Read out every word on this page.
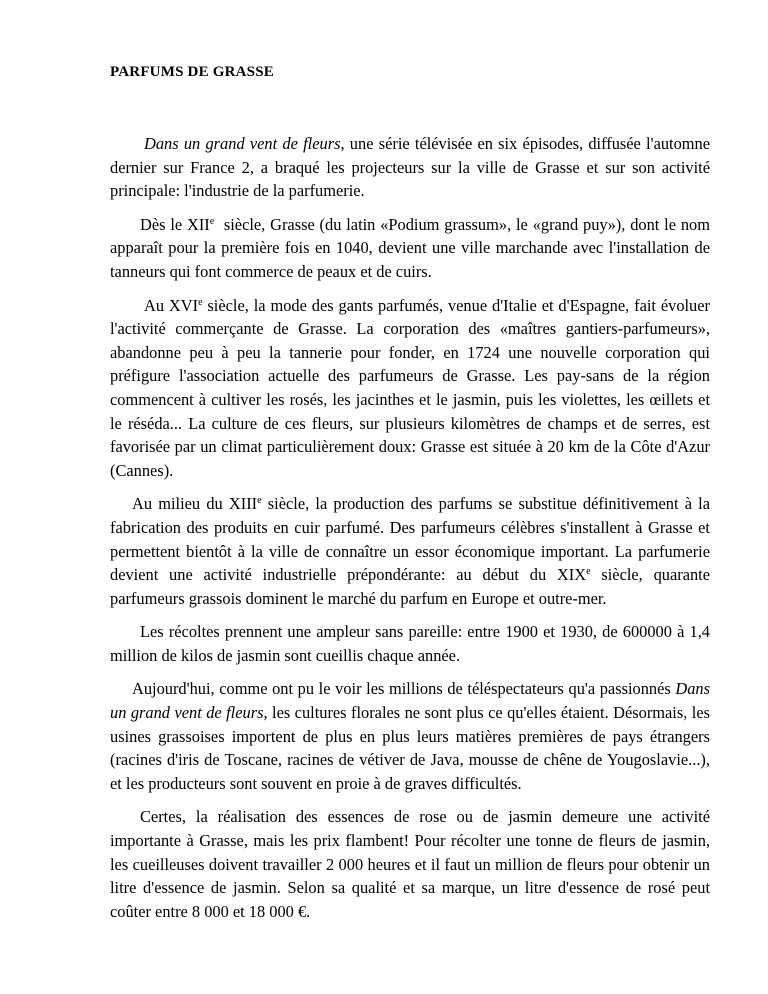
PARFUMS DE GRASSE

Dans un grand vent de fleurs, une série télévisée en six épisodes, diffusée l'automne dernier sur France 2, a braqué les projecteurs sur la ville de Grasse et sur son activité principale: l'industrie de la parfumerie.

Dès le XIIe  siècle, Grasse (du latin «Podium grassum», le «grand puy»), dont le nom apparaît pour la première fois en 1040, devient une ville marchande avec l'installation de tanneurs qui font commerce de peaux et de cuirs.

Au XVIe siècle, la mode des gants parfumés, venue d'Italie et d'Espagne, fait évoluer l'activité commerçante de Grasse. La corporation des «maîtres gantiers-parfumeurs», abandonne peu à peu la tannerie pour fonder, en 1724 une nouvelle corporation qui préfigure l'association actuelle des parfumeurs de Grasse. Les pay-sans de la région commencent à cultiver les rosés, les jacinthes et le jasmin, puis les violettes, les œillets et le réséda... La culture de ces fleurs, sur plusieurs kilomètres de champs et de serres, est favorisée par un climat particulièrement doux: Grasse est située à 20 km de la Côte d'Azur (Cannes).

Au milieu du XIIIe siècle, la production des parfums se substitue définitivement à la fabrication des produits en cuir parfumé. Des parfumeurs célèbres s'installent à Grasse et permettent bientôt à la ville de connaître un essor économique important. La parfumerie devient une activité industrielle prépondérante: au début du XIXe siècle, quarante parfumeurs grassois dominent le marché du parfum en Europe et outre-mer.

Les récoltes prennent une ampleur sans pareille: entre 1900 et 1930, de 600000 à 1,4 million de kilos de jasmin sont cueillis chaque année.

Aujourd'hui, comme ont pu le voir les millions de téléspectateurs qu'a passionnés Dans un grand vent de fleurs, les cultures florales ne sont plus ce qu'elles étaient. Désormais, les usines grassoises importent de plus en plus leurs matières premières de pays étrangers (racines d'iris de Toscane, racines de vétiver de Java, mousse de chêne de Yougoslavie...), et les producteurs sont souvent en proie à de graves difficultés.

Certes, la réalisation des essences de rose ou de jasmin demeure une activité importante à Grasse, mais les prix flambent! Pour récolter une tonne de fleurs de jasmin, les cueilleuses doivent travailler 2 000 heures et il faut un million de fleurs pour obtenir un litre d'essence de jasmin. Selon sa qualité et sa marque, un litre d'essence de rosé peut coûter entre 8 000 et 18 000 €.
